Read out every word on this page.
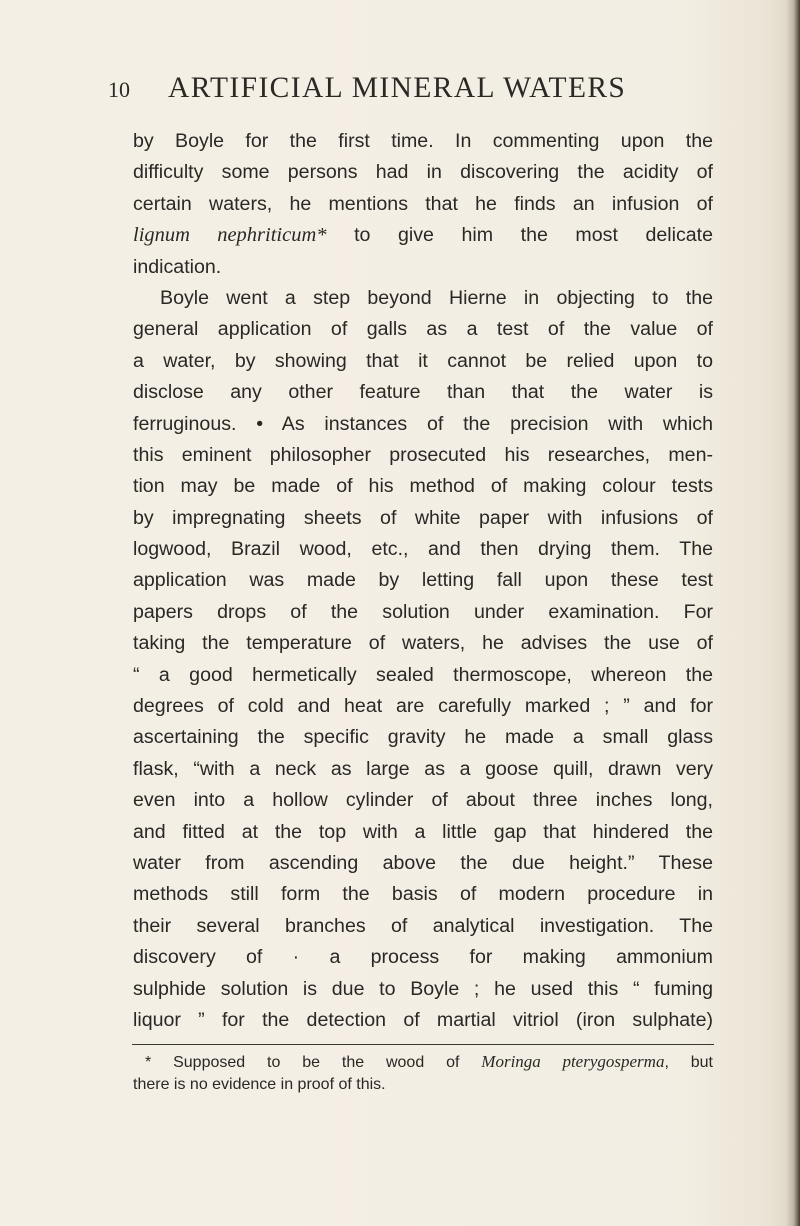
10 ARTIFICIAL MINERAL WATERS
by Boyle for the first time. In commenting upon the
difficulty some persons had in discovering the acidity of
certain waters, he mentions that he finds an infusion of
lignum nephriticum* to give him the most delicate
indication.
Boyle went a step beyond Hierne in objecting to the
general application of galls as a test of the value of
a water, by showing that it cannot be relied upon to
disclose any other feature than that the water is
ferruginous. • As instances of the precision with which
this eminent philosopher prosecuted his researches, men-
tion may be made of his method of making colour tests
by impregnating sheets of white paper with infusions of
logwood, Brazil wood, etc., and then drying them. The
application was made by letting fall upon these test
papers drops of the solution under examination. For
taking the temperature of waters, he advises the use of
“ a good hermetically sealed thermoscope, whereon the
degrees of cold and heat are carefully marked ; ” and for
ascertaining the specific gravity he made a small glass
flask, “with a neck as large as a goose quill, drawn very
even into a hollow cylinder of about three inches long,
and fitted at the top with a little gap that hindered the
water from ascending above the due height.” These
methods still form the basis of modern procedure in
their several branches of analytical investigation. The
discovery of · a process for making ammonium
sulphide solution is due to Boyle ; he used this “ fuming
liquor ” for the detection of martial vitriol (iron sulphate)
* Supposed to be the wood of Moringa pterygosperma, but
there is no evidence in proof of this.
